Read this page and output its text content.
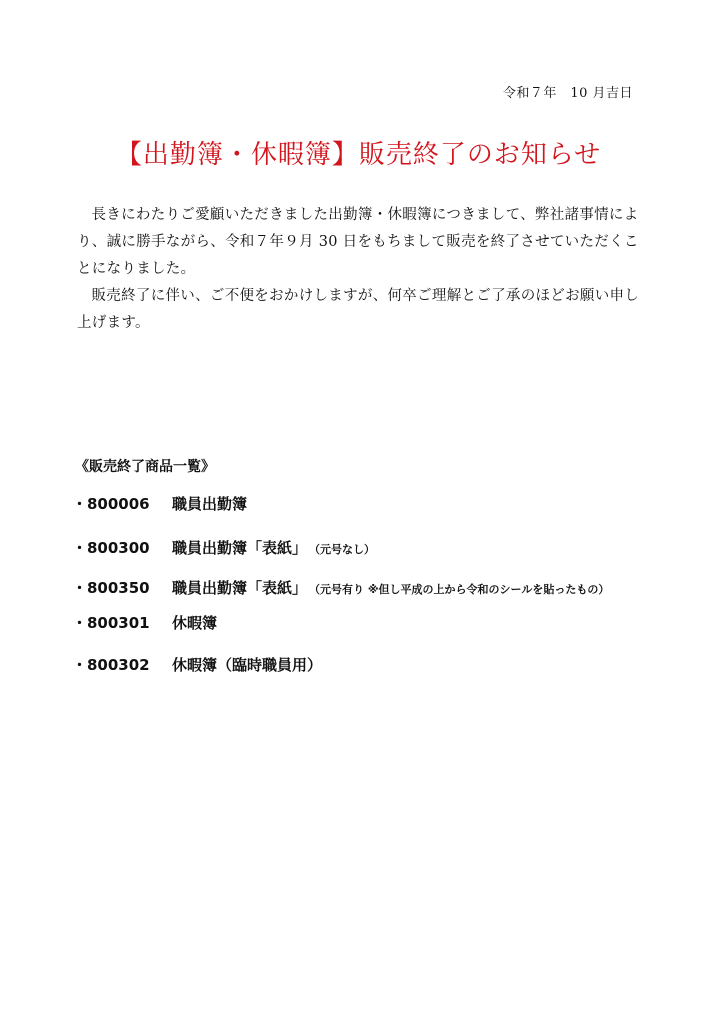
令和７年　10 月吉日
【出勤簿・休暇簿】販売終了のお知らせ

長きにわたりご愛顧いただきました出勤簿・休暇簿につきまして、弊社諸事情により、誠に勝手ながら、令和７年９月 30 日をもちまして販売を終了させていただくことになりました。

販売終了に伴い、ご不便をおかけしますが、何卒ご理解とご了承のほどお願い申し上げます。

《販売終了商品一覧》
・800006	職員出勤簿
・800300	職員出勤簿「表紙」 （元号なし）
・800350	職員出勤簿「表紙」 （元号有り ※但し平成の上から令和のシールを貼ったもの）
・800301	休暇簿
・800302	休暇簿（臨時職員用）
